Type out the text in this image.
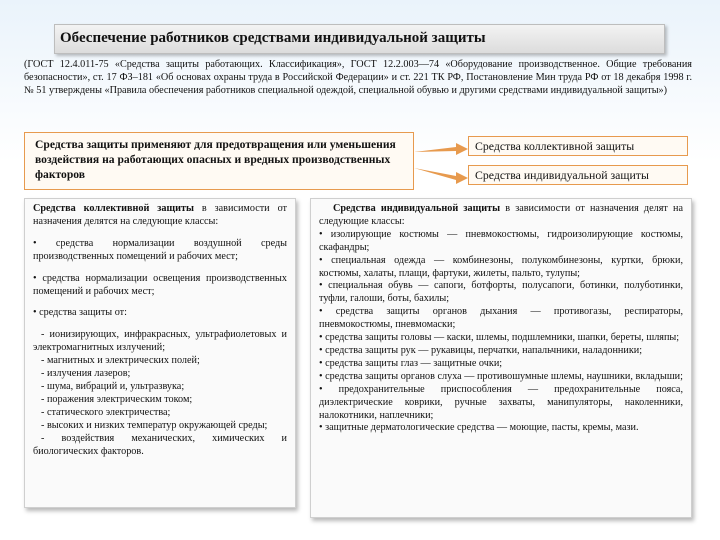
Обеспечение работников средствами индивидуальной защиты
(ГОСТ 12.4.011-75 «Средства защиты работающих. Классификация», ГОСТ 12.2.003—74 «Оборудование производственное. Общие требования безопасности», ст. 17 ФЗ–181 «Об основах охраны труда в Российской Федерации» и ст. 221 ТК РФ, Постановление Мин труда РФ от 18 декабря 1998 г. № 51 утверждены «Правила обеспечения работников специальной одеждой, специальной обувью и другими средствами индивидуальной защиты»)
Средства защиты применяют для предотвращения или уменьшения воздействия на работающих опасных и вредных производственных факторов
Средства коллективной защиты
Средства индивидуальной защиты

Средства коллективной защиты в зависимости от назначения делятся на следующие классы:

• средства нормализации воздушной среды производственных помещений и рабочих мест;

• средства нормализации освещения производственных помещений и рабочих мест;

• средства защиты от:

- ионизирующих, инфракрасных, ультрафиолетовых и электромагнитных излучений;

- магнитных и электрических полей;

- излучения лазеров;

- шума, вибраций и, ультразвука;

- поражения электрическим током;

- статического электричества;

- высоких и низких температур окружающей среды;

- воздействия механических, химических и биологических факторов.

Средства индивидуальной защиты в зависимости от назначения делят на следующие классы:

• изолирующие костюмы — пневмокостюмы, гидроизолирующие костюмы, скафандры;

• специальная одежда — комбинезоны, полукомбинезоны, куртки, брюки, костюмы, халаты, плащи, фартуки, жилеты, пальто, тулупы;

• специальная обувь — сапоги, ботфорты, полусапоги, ботинки, полуботинки, туфли, галоши, боты, бахилы;

• средства защиты органов дыхания — противогазы, респираторы, пневмокостюмы, пневмомаски;

• средства защиты головы — каски, шлемы, подшлемники, шапки, береты, шляпы;

• средства защиты рук — рукавицы, перчатки, напальчники, наладонники;

• средства защиты глаз — защитные очки;

• средства защиты органов слуха — противошумные шлемы, наушники, вкладыши;

• предохранительные приспособления — предохранительные пояса, диэлектрические коврики, ручные захваты, манипуляторы, наколенники, налокотники, наплечники;

• защитные дерматологические средства — моющие, пасты, кремы, мази.
